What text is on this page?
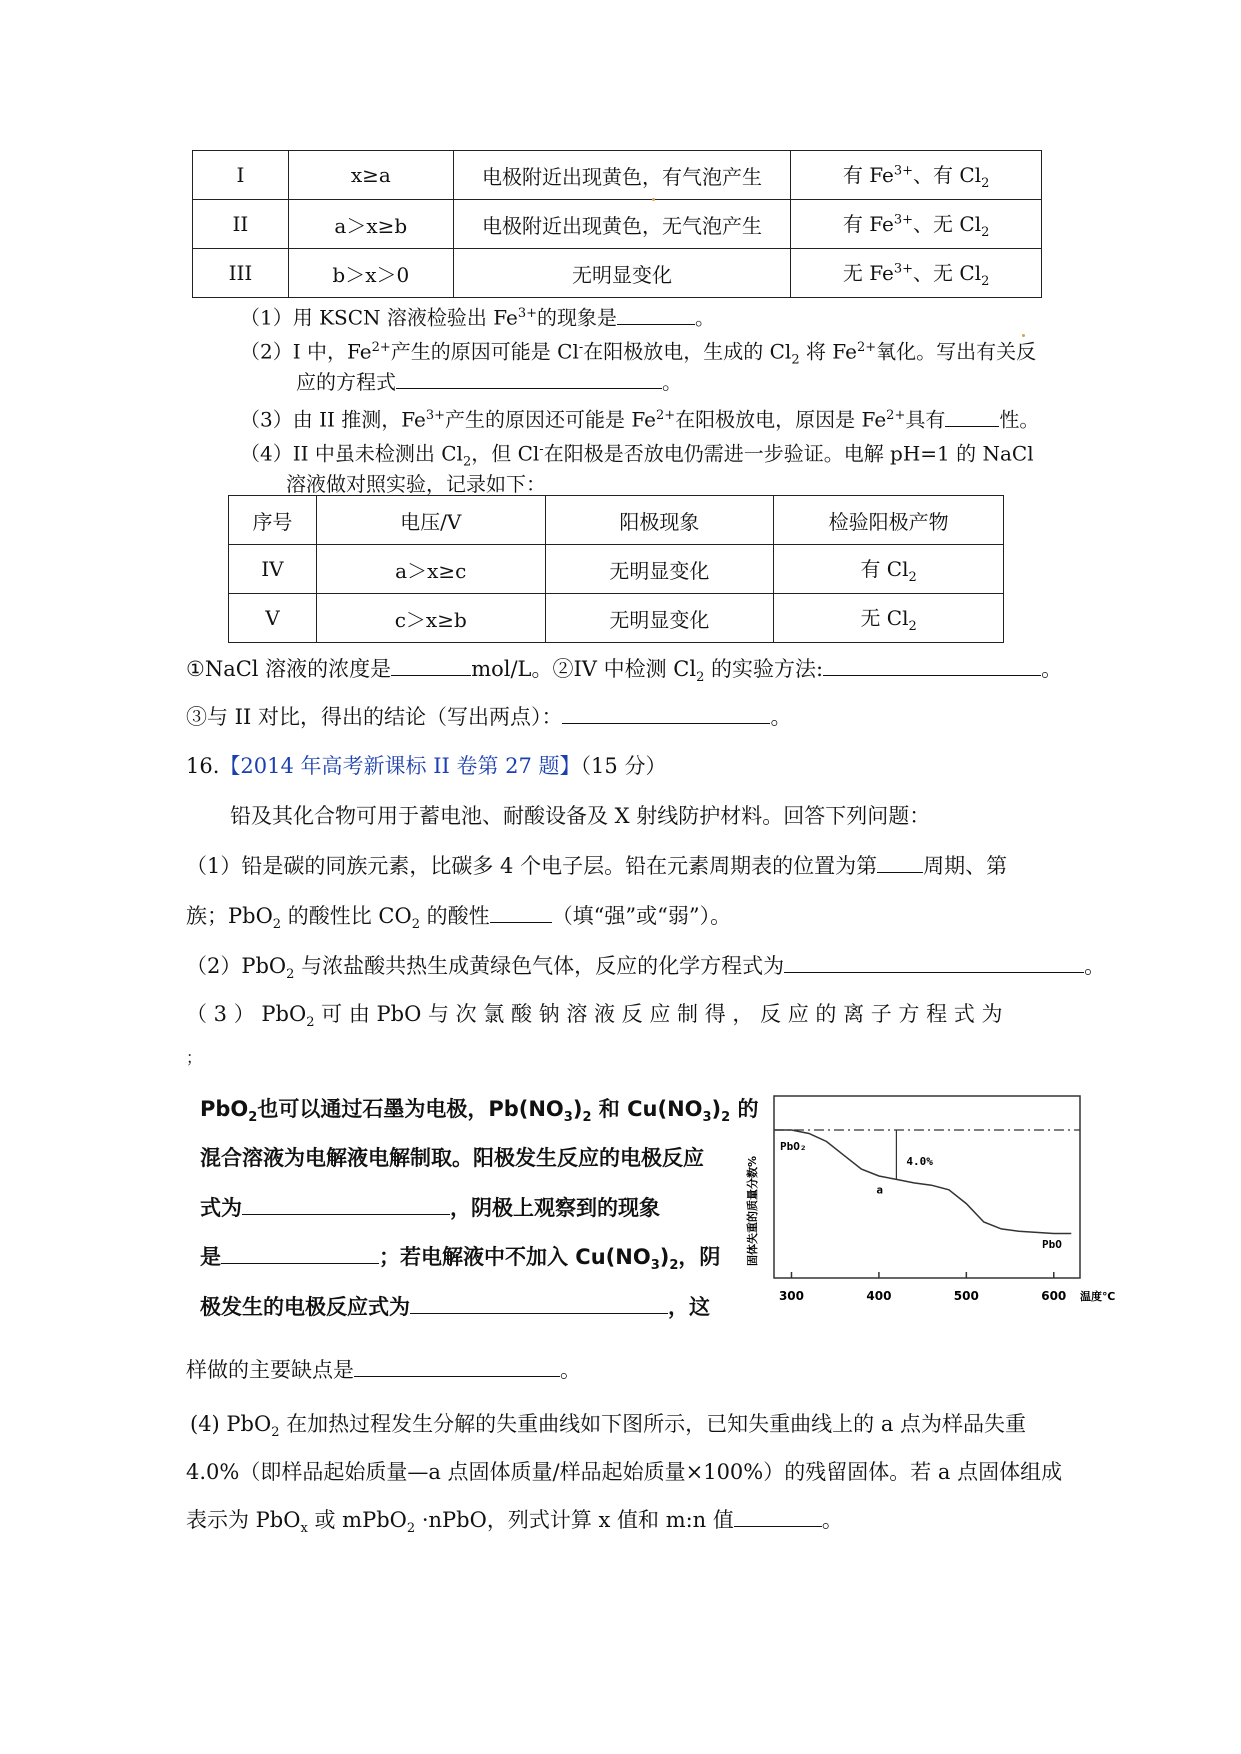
I	x≥a	电极附近出现黄色，有气泡产生	有 $Fe^{3+}$、有 $Cl_2$
II	a＞x≥b	电极附近出现黄色，无气泡产生	有 $Fe^{3+}$、无 $Cl_2$
III	b＞x＞0	无明显变化	无 $Fe^{3+}$、无 $Cl_2$
（1）用 KSCN 溶液检验出 $Fe^{3+}$的现象是	。
（2）I 中，$Fe^{2+}$产生的原因可能是 Cl-在阳极放电，生成的 $Cl_2$ 将 $Fe^{2+}$氧化。写出有关反
应的方程式	。
（3）由 II 推测，$Fe^{3+}$产生的原因还可能是 $Fe^{2+}$在阳极放电，原因是 $Fe^{2+}$具有	性。
（4）II 中虽未检测出 $Cl_2$，但 Cl-在阳极是否放电仍需进一步验证。电解 pH=1 的 NaCl
溶液做对照实验，记录如下：
序号	电压/V	阳极现象	检验阳极产物
IV	a＞x≥c	无明显变化	有 $Cl_2$
V	c＞x≥b	无明显变化	无 $Cl_2$
①NaCl 溶液的浓度是	mol/L。②IV 中检测 $Cl_2$ 的实验方法:	。
③与 II 对比，得出的结论（写出两点）：	。
16.【2014 年高考新课标 II 卷第 27 题】（15 分）
铅及其化合物可用于蓄电池、耐酸设备及 X 射线防护材料。回答下列问题：
（1）铅是碳的同族元素，比碳多 4 个电子层。铅在元素周期表的位置为第 周期、第
族；PbO$_2$ 的酸性比 $CO_2$ 的酸性	（填“强”或“弱”）。
（2）PbO$_2$ 与浓盐酸共热生成黄绿色气体，反应的化学方程式为	。
（ 3 ） PbO$_2$ 可 由 PbO 与 次 氯 酸 钠 溶 液 反 应 制 得 ， 反 应 的 离 子 方 程 式 为
；
PbO$_2$也可以通过石墨为电极，$Pb(NO_3)_2$ 和 $Cu(NO_3)_2$ 的
混合溶液为电解液电解制取。阳极发生反应的电极反应
式为	，阴极上观察到的现象
是	；若电解液中不加入 $Cu(NO_3)_2$，阴
极发生的电极反应式为	，这	300	400	500	600
固体失重的质量分数%
PbO₂
4.0%
a
PbO
温度℃
样做的主要缺点是	。
(4) PbO$_2$ 在加热过程发生分解的失重曲线如下图所示，已知失重曲线上的 a 点为样品失重
4.0%（即样品起始质量—a 点固体质量/样品起始质量×100%）的残留固体。若 a 点固体组成
表示为 PbO$_x$ 或 mPbO$_2$ ·nPbO，列式计算 x 值和 m:n 值	。
